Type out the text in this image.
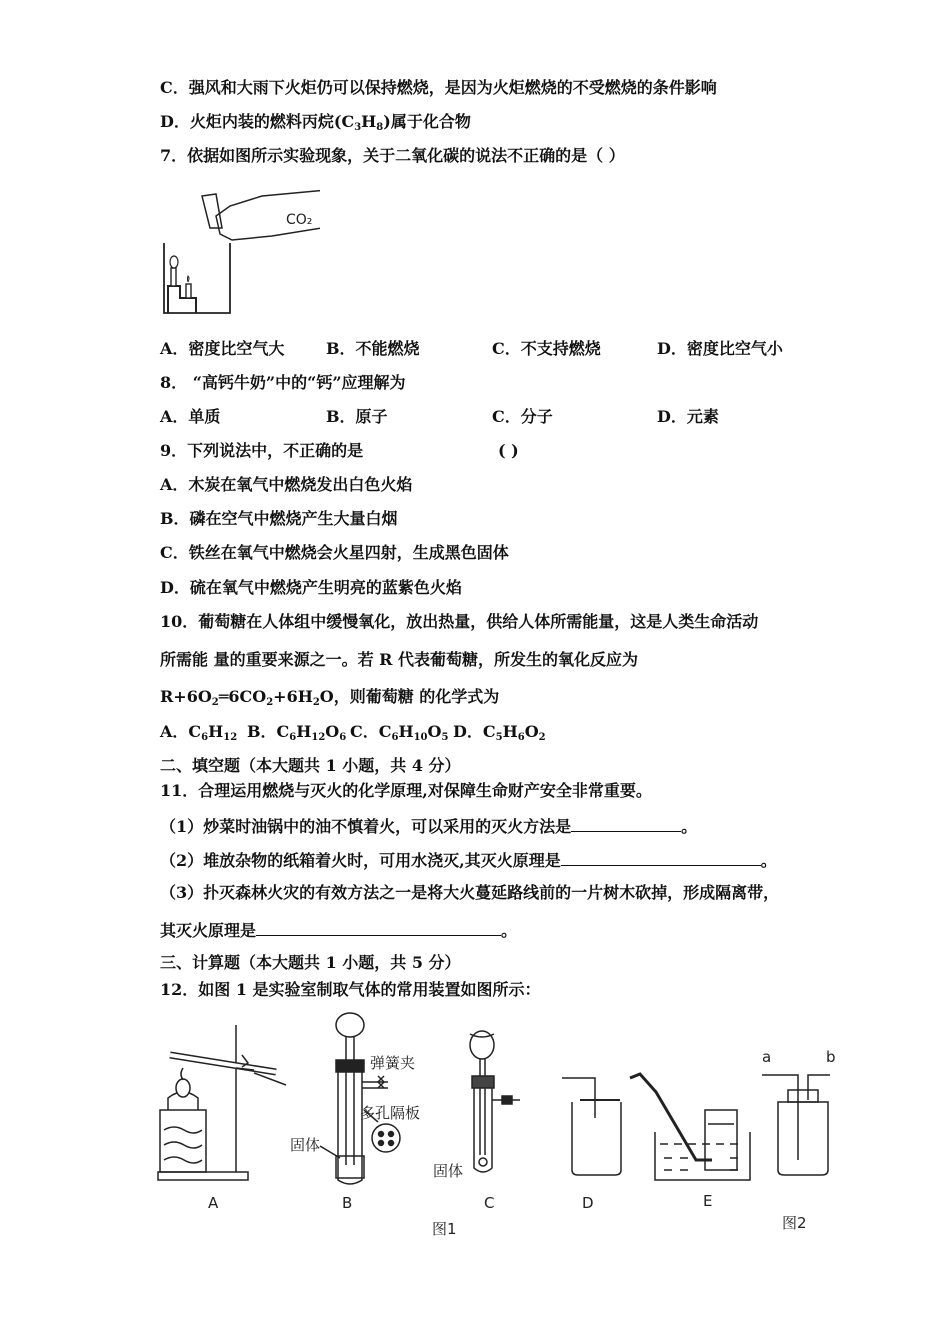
C．强风和大雨下火炬仍可以保持燃烧，是因为火炬燃烧的不受燃烧的条件影响
D．火炬内装的燃料丙烷$(C_3H_8)$属于化合物
7．依据如图所示实验现象，关于二氧化碳的说法不正确的是（ ）
CO₂
A．密度比空气大	B．不能燃烧	C．不支持燃烧	D．密度比空气小
8． “高钙牛奶”中的“钙”应理解为
A．单质	B．原子	C．分子	D．元素
9．下列说法中，不正确的是	( )
A．木炭在氧气中燃烧发出白色火焰
B．磷在空气中燃烧产生大量白烟
C．铁丝在氧气中燃烧会火星四射，生成黑色固体
D．硫在氧气中燃烧产生明亮的蓝紫色火焰
10．葡萄糖在人体组中缓慢氧化，放出热量，供给人体所需能量，这是人类生命活动
所需能 量的重要来源之一。若 R 代表葡萄糖，所发生的氧化反应为
$R+6O_2═6CO_2+6H_2O$，则葡萄糖 的化学式为
A．$C_6H_{12}$ B．$C_6H_{12}O_6$ C．$C_6H_{10}O_5$ D．$C_5H_6O_2$
二、填空题（本大题共 1 小题，共 4 分）
11．合理运用燃烧与灭火的化学原理,对保障生命财产安全非常重要。
（1）炒菜时油锅中的油不慎着火，可以采用的灭火方法是	。
（2）堆放杂物的纸箱着火时，可用水浇灭,其灭火原理是	。
（3）扑灭森林火灾的有效方法之一是将大火蔓延路线前的一片树木砍掉，形成隔离带，
其灭火原理是	。
三、计算题（本大题共 1 小题，共 5 分）
12．如图 1 是实验室制取气体的常用装置如图所示：
弹簧夹
多孔隔板
固体
固体
a	b
A	B	C	D	E
图1	图2
